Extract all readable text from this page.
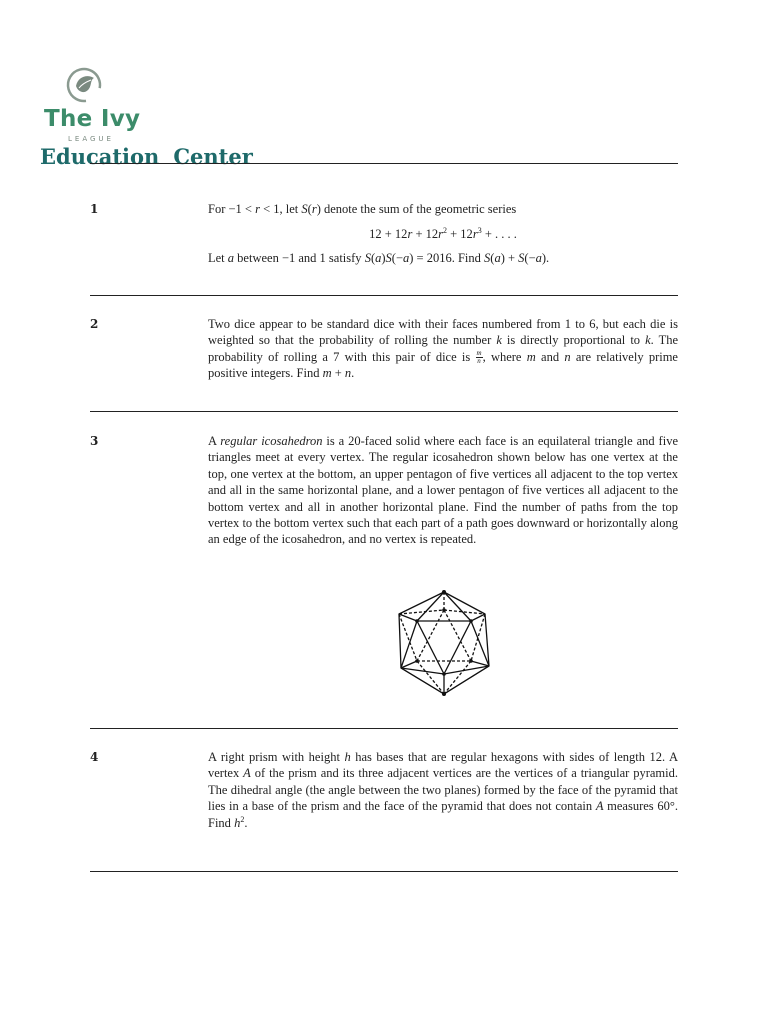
The Ivy
LEAGUE
Education Center
1	For −1 < r < 1, let S(r) denote the sum of the geometric series

$12 + 12r + 12r^2 + 12r^3$ + . . . .

Let a between −1 and 1 satisfy S(a)S(−a) = 2016. Find S(a) + S(−a).

2	Two dice appear to be standard dice with their faces numbered from 1 to 6, but each die is weighted so that the probability of rolling the number k is directly proportional to k. The probability of rolling a 7 with this pair of dice is $\frac{m}{n}$ , where m and n are relatively prime positive integers. Find m + n.

3	A regular icosahedron is a 20-faced solid where each face is an equilateral triangle and five triangles meet at every vertex. The regular icosahedron shown below has one vertex at the top, one vertex at the bottom, an upper pentagon of five vertices all adjacent to the top vertex and all in the same horizontal plane, and a lower pentagon of five vertices all adjacent to the bottom vertex and all in another horizontal plane. Find the number of paths from the top vertex to the bottom vertex such that each part of a path goes downward or horizontally along an edge of the icosahedron, and no vertex is repeated.

4	A right prism with height h has bases that are regular hexagons with sides of length 12. A vertex A of the prism and its three adjacent vertices are the vertices of a triangular pyramid. The dihedral angle (the angle between the two planes) formed by the face of the pyramid that lies in a base of the prism and the face of the pyramid that does not contain A measures 60°. Find $h^2$.
